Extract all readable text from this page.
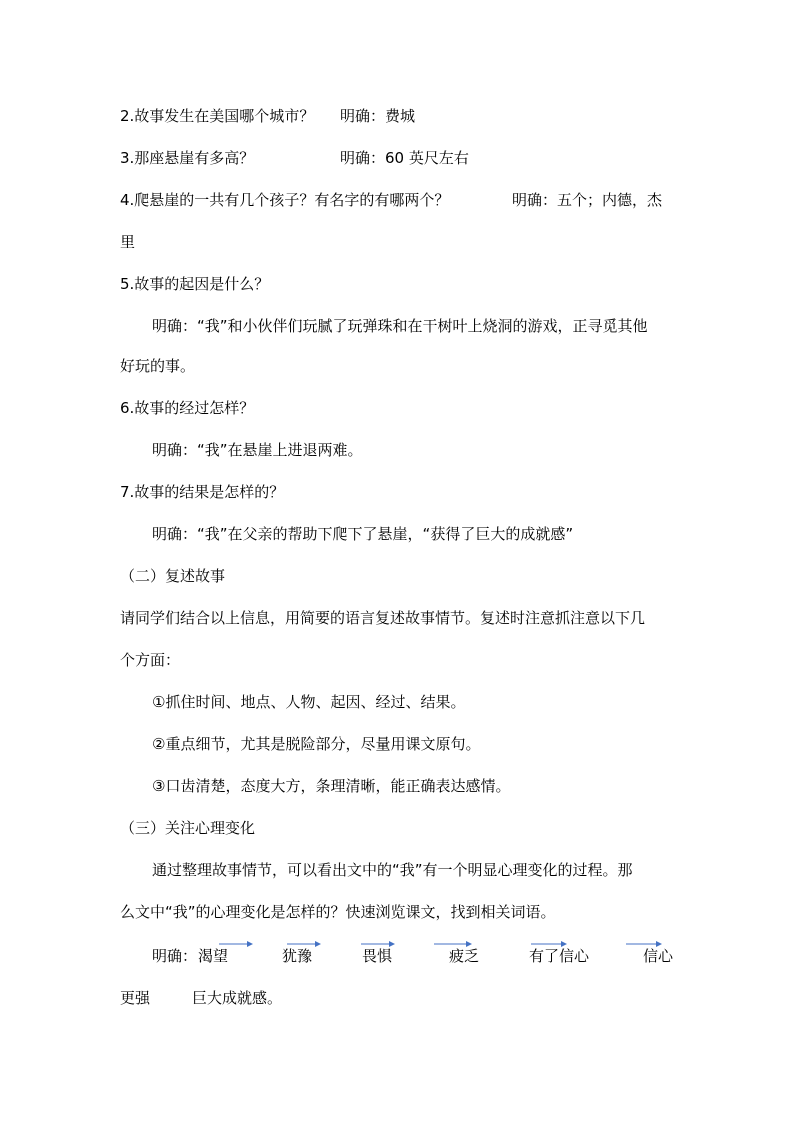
2.故事发生在美国哪个城市？ 明确：费城
3.那座悬崖有多高？	明确：60 英尺左右
4.爬悬崖的一共有几个孩子？有名字的有哪两个？	明确：五个；内德，杰
里
5.故事的起因是什么？
明确：“我”和小伙伴们玩腻了玩弹珠和在干树叶上烧洞的游戏，正寻觅其他
好玩的事。
6.故事的经过怎样？
明确：“我”在悬崖上进退两难。
7.故事的结果是怎样的？
明确：“我”在父亲的帮助下爬下了悬崖，“获得了巨大的成就感”
（二）复述故事
请同学们结合以上信息，用简要的语言复述故事情节。复述时注意抓注意以下几
个方面：
①抓住时间、地点、人物、起因、经过、结果。
②重点细节，尤其是脱险部分，尽量用课文原句。
③口齿清楚，态度大方，条理清晰，能正确表达感情。
（三）关注心理变化
通过整理故事情节，可以看出文中的“我”有一个明显心理变化的过程。那
么文中“我”的心理变化是怎样的？快速浏览课文，找到相关词语。
明确： 渴望	犹豫	畏惧	疲乏	有了信心	信心
更强	巨大成就感。
